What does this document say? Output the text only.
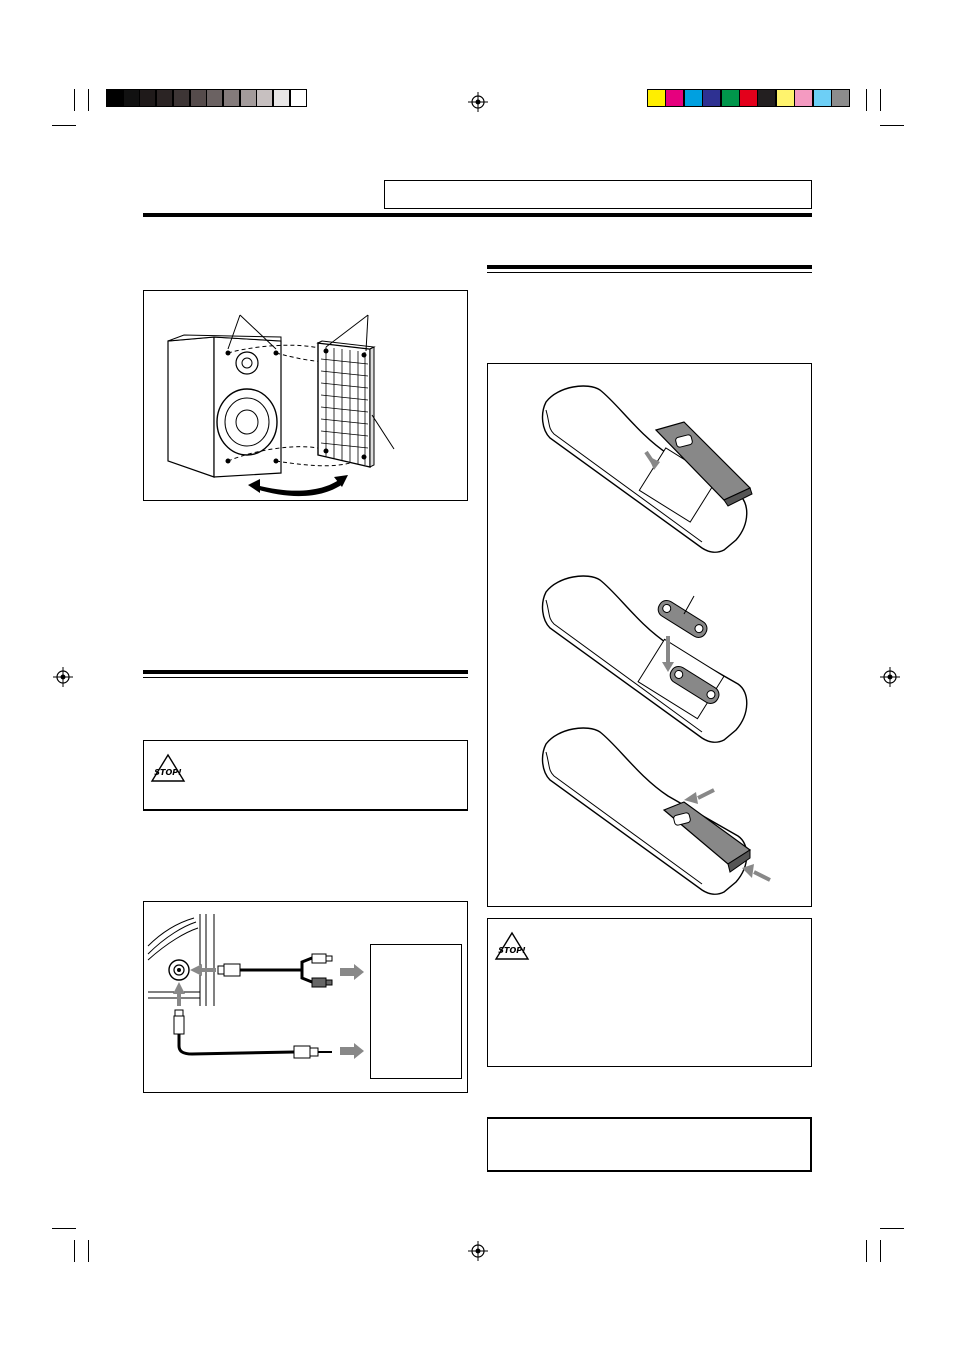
STOP!
STOP!
